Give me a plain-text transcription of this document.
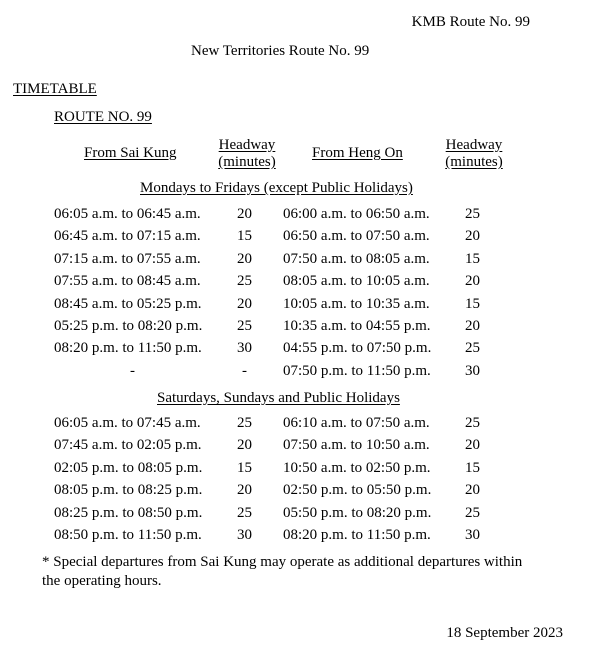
KMB Route No. 99
New Territories Route No. 99
TIMETABLE
ROUTE NO. 99
From Sai Kung	Headway
(minutes)
From Heng On	Headway
(minutes)
Mondays to Fridays (except Public Holidays)
06:05 a.m. to 06:45 a.m. 20 06:00 a.m. to 06:50 a.m. 25
06:45 a.m. to 07:15 a.m. 15 06:50 a.m. to 07:50 a.m. 20
07:15 a.m. to 07:55 a.m. 20 07:50 a.m. to 08:05 a.m. 15
07:55 a.m. to 08:45 a.m. 25 08:05 a.m. to 10:05 a.m. 20
08:45 a.m. to 05:25 p.m. 20 10:05 a.m. to 10:35 a.m. 15
05:25 p.m. to 08:20 p.m. 25 10:35 a.m. to 04:55 p.m. 20
08:20 p.m. to 11:50 p.m. 30 04:55 p.m. to 07:50 p.m. 25
-	-	07:50 p.m. to 11:50 p.m. 30
Saturdays, Sundays and Public Holidays
06:05 a.m. to 07:45 a.m. 25 06:10 a.m. to 07:50 a.m. 25
07:45 a.m. to 02:05 p.m. 20 07:50 a.m. to 10:50 a.m. 20
02:05 p.m. to 08:05 p.m. 15 10:50 a.m. to 02:50 p.m. 15
08:05 p.m. to 08:25 p.m. 20 02:50 p.m. to 05:50 p.m. 20
08:25 p.m. to 08:50 p.m. 25 05:50 p.m. to 08:20 p.m. 25
08:50 p.m. to 11:50 p.m. 30 08:20 p.m. to 11:50 p.m. 30
* Special departures from Sai Kung may operate as additional departures within the operating hours.
18 September 2023
